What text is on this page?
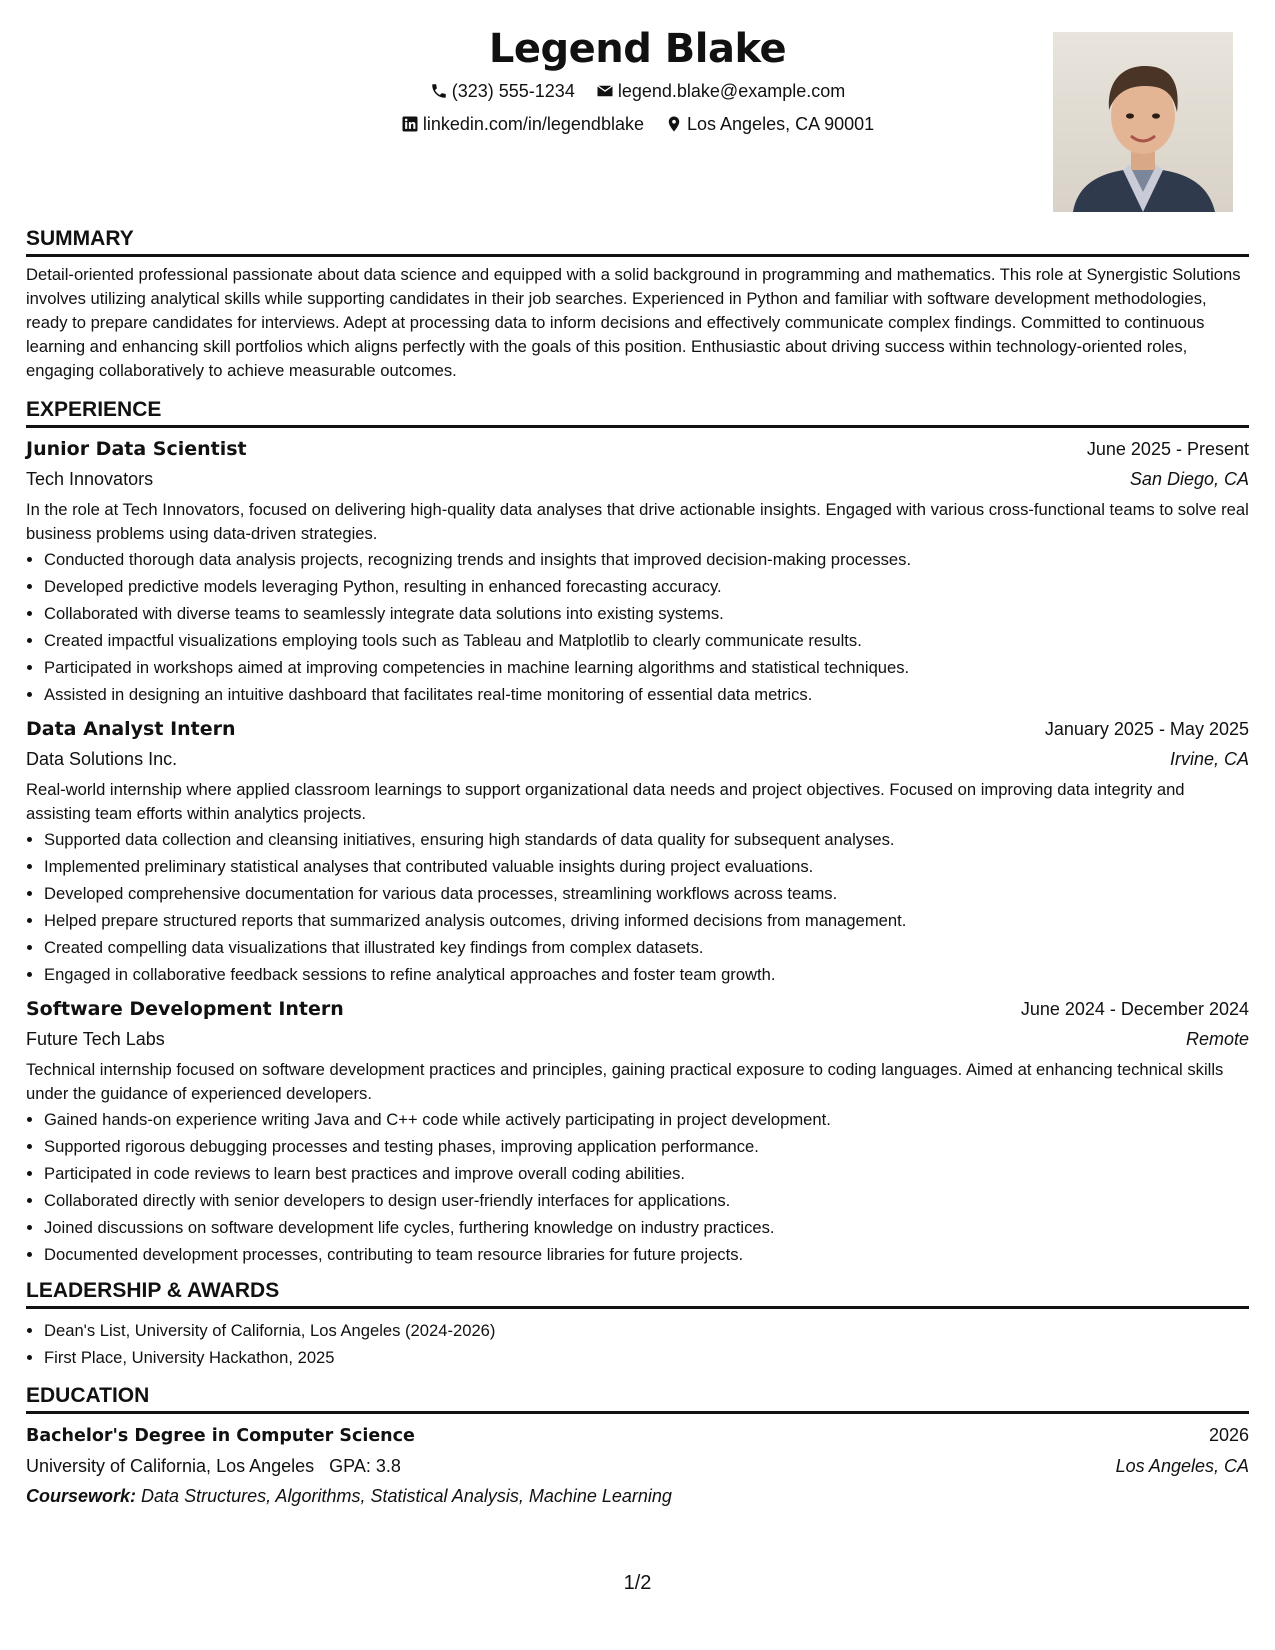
Legend Blake
(323) 555-1234
legend.blake@example.com
linkedin.com/in/legendblake
Los Angeles, CA 90001
SUMMARY
Detail-oriented professional passionate about data science and equipped with a solid background in programming and mathematics. This role at Synergistic Solutions involves utilizing analytical skills while supporting candidates in their job searches. Experienced in Python and familiar with software development methodologies, ready to prepare candidates for interviews. Adept at processing data to inform decisions and effectively communicate complex findings. Committed to continuous learning and enhancing skill portfolios which aligns perfectly with the goals of this position. Enthusiastic about driving success within technology-oriented roles, engaging collaboratively to achieve measurable outcomes.
EXPERIENCE
Junior Data Scientist	June 2025 - Present
Tech Innovators	San Diego, CA
In the role at Tech Innovators, focused on delivering high-quality data analyses that drive actionable insights. Engaged with various cross-functional teams to solve real business problems using data-driven strategies.
• Conducted thorough data analysis projects, recognizing trends and insights that improved decision-making processes.
• Developed predictive models leveraging Python, resulting in enhanced forecasting accuracy.
• Collaborated with diverse teams to seamlessly integrate data solutions into existing systems.
• Created impactful visualizations employing tools such as Tableau and Matplotlib to clearly communicate results.
• Participated in workshops aimed at improving competencies in machine learning algorithms and statistical techniques.
• Assisted in designing an intuitive dashboard that facilitates real-time monitoring of essential data metrics.
Data Analyst Intern	January 2025 - May 2025
Data Solutions Inc.	Irvine, CA
Real-world internship where applied classroom learnings to support organizational data needs and project objectives. Focused on improving data integrity and assisting team efforts within analytics projects.
• Supported data collection and cleansing initiatives, ensuring high standards of data quality for subsequent analyses.
• Implemented preliminary statistical analyses that contributed valuable insights during project evaluations.
• Developed comprehensive documentation for various data processes, streamlining workflows across teams.
• Helped prepare structured reports that summarized analysis outcomes, driving informed decisions from management.
• Created compelling data visualizations that illustrated key findings from complex datasets.
• Engaged in collaborative feedback sessions to refine analytical approaches and foster team growth.
Software Development Intern	June 2024 - December 2024
Future Tech Labs	Remote
Technical internship focused on software development practices and principles, gaining practical exposure to coding languages. Aimed at enhancing technical skills under the guidance of experienced developers.
• Gained hands-on experience writing Java and C++ code while actively participating in project development.
• Supported rigorous debugging processes and testing phases, improving application performance.
• Participated in code reviews to learn best practices and improve overall coding abilities.
• Collaborated directly with senior developers to design user-friendly interfaces for applications.
• Joined discussions on software development life cycles, furthering knowledge on industry practices.
• Documented development processes, contributing to team resource libraries for future projects.
LEADERSHIP & AWARDS
• Dean's List, University of California, Los Angeles (2024-2026)
• First Place, University Hackathon, 2025
EDUCATION
Bachelor's Degree in Computer Science	2026
University of California, Los Angeles GPA: 3.8	Los Angeles, CA
Coursework: Data Structures, Algorithms, Statistical Analysis, Machine Learning
1/2
